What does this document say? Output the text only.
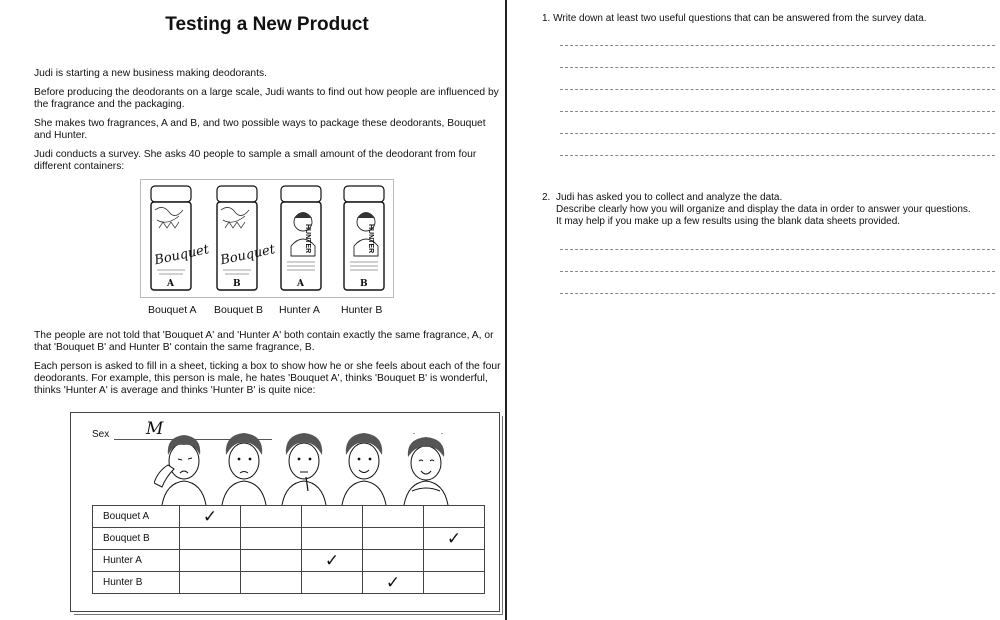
Testing a New Product
Judi is starting a new business making deodorants.
Before producing the deodorants on a large scale, Judi wants to find out how people are influenced by the fragrance and the packaging.
She makes two fragrances, A and B, and two possible ways to package these deodorants, Bouquet and Hunter.
Judi conducts a survey. She asks 40 people to sample a small amount of the deodorant from four different containers:
Bouquet
A
Bouquet
B
HUNTER
A
HUNTER
B
Bouquet A Bouquet B Hunter A Hunter B
The people are not told that 'Bouquet A' and 'Hunter A' both contain exactly the same fragrance, A, or that 'Bouquet B' and Hunter B' contain the same fragrance, B.
Each person is asked to fill in a sheet, ticking a box to show how he or she feels about each of the four deodorants. For example, this person is male, he hates 'Bouquet A', thinks 'Bouquet B' is wonderful, thinks 'Hunter A' is average and thinks 'Hunter B' is quite nice:
Sex M
Bouquet A	✓				

Bouquet B					✓

Hunter A			✓		

Hunter B				✓	

1. Write down at least two useful questions that can be answered from the survey data.
2. Judi has asked you to collect and analyze the data.
Describe clearly how you will organize and display the data in order to answer your questions.
It may help if you make up a few results using the blank data sheets provided.
